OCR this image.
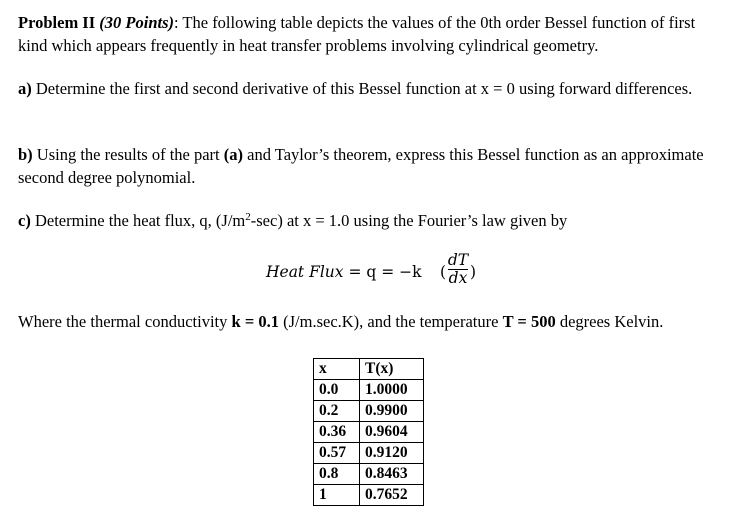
Problem II (30 Points): The following table depicts the values of the 0th order Bessel function of first kind which appears frequently in heat transfer problems involving cylindrical geometry.

a) Determine the first and second derivative of this Bessel function at x = 0 using forward differences.

b) Using the results of the part (a) and Taylor’s theorem, express this Bessel function as an approximate second degree polynomial.

c) Determine the heat flux, q, $(J/m^2-\sec)$ at x = 1.0 using the Fourier’s law given by

Heat Flux = q = −k (
dT
dx )

Where the thermal conductivity k = 0.1 (J/m.sec.K), and the temperature T = 500 degrees Kelvin.

x	T(x)
0.0	1.0000
0.2	0.9900
0.36	0.9604
0.57	0.9120
0.8	0.8463
1	0.7652
